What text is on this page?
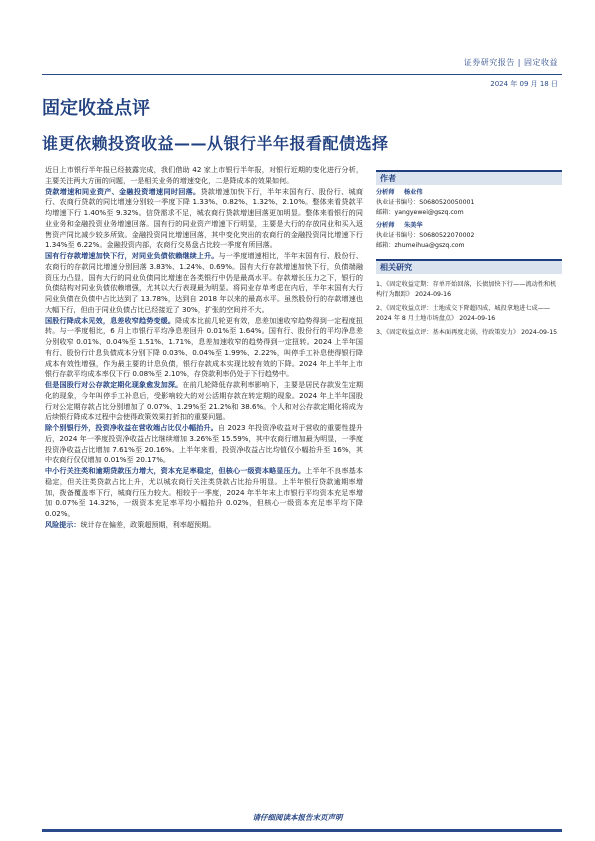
证券研究报告 | 固定收益
2024 年 09 月 18 日
固定收益点评
谁更依赖投资收益——从银行半年报看配债选择

近日上市银行半年报已经披露完成，我们借助 42 家上市银行半年报，对银行近期的变化进行分析，主要关注两大方面的问题，一是相关业务的增速变化，二是降成本的效果如何。

贷款增速和同业资产、金融投资增速同时回落。贷款增速加快下行，半年末国有行、股份行、城商行、农商行贷款的同比增速分别较一季度下降 1.33%、0.82%、1.32%、2.10%。整体来看贷款平均增速下行 1.40%至 9.32%。信贷需求不足，城农商行贷款增速回落更加明显。整体来看银行的同业业务和金融投资业务增速回落。国有行的同业资产增速下行明显，主要是大行的存放同业和买入返售资产同比减少较多所致。金融投资同比增速回落，其中变化突出的农商行的金融投资同比增速下行 1.34%至 6.22%。金融投资内部，农商行交易盘占比较一季度有所回落。

国有行存款增速加快下行，对同业负债依赖继续上升。与一季度增速相比，半年末国有行、股份行、农商行的存款同比增速分别回落 3.83%、1.24%、0.69%。国有大行存款增速加快下行，负债端融资压力凸显，国有大行的同业负债同比增速在各类银行中仍是最高水平。存款增长压力之下，银行的负债结构对同业负债依赖增强，尤其以大行表现最为明显。将同业存单考虑在内后，半年末国有大行同业负债在负债中占比达到了 13.78%，达到自 2018 年以来的最高水平。虽然股份行的存款增速也大幅下行，但由于同业负债占比已经接近了 30%，扩张的空间并不大。

国股行降成本见效，息差收窄趋势变缓。降成本比前几轮更有效，息差加速收窄趋势得到一定程度扭转。与一季度相比，6 月上市银行平均净息差回升 0.01%至 1.64%。国有行、股份行的平均净息差分别收窄 0.01%、0.04%至 1.51%、1.71%，息差加速收窄的趋势得到一定扭转。2024 上半年国有行、股份行计息负债成本分别下降 0.03%、0.04%至 1.99%、2.22%，叫停手工补息使得银行降成本有效性增强，作为最主要的计息负债，银行存款成本实现比较有效的下降。2024 年上半年上市银行存款平均成本率仅下行 0.08%至 2.10%，存贷款利率仍处于下行趋势中。

但是国股行对公存款定期化现象愈发加深。在前几轮降低存款利率影响下，主要是居民存款发生定期化的现象，今年叫停手工补息后，受影响较大的对公活期存款在转定期的现象。2024 年上半年国股行对公定期存款占比分别增加了 0.07%、1.29%至 21.2%和 38.6%。个人和对公存款定期化将成为后续银行降成本过程中会使得政策效果打折扣的重要问题。

除个别银行外，投资净收益在营收端占比仅小幅抬升。自 2023 年投资净收益对于营收的重要性提升后，2024 年一季度投资净收益占比继续增加 3.26%至 15.59%，其中农商行增加最为明显，一季度投资净收益占比增加 7.61%至 20.16%。上半年来看，投资净收益占比均值仅小幅抬升至 16%，其中农商行仅仅增加 0.01%至 20.17%。

中小行关注类和逾期贷款压力增大，资本充足率稳定，但核心一级资本略显压力。上半年不良率基本稳定，但关注类贷款占比上升，尤以城农商行关注类贷款占比抬升明显。上半年银行贷款逾期率增加，拨备覆盖率下行，城商行压力较大。相较于一季度，2024 年半年末上市银行平均资本充足率增加 0.07%至 14.32%，一级资本充足率平均小幅抬升 0.02%，但核心一级资本充足率平均下降 0.02%。

风险提示：统计存在偏差，政策超预期，利率超预期。

作者
分析师 杨业伟
执业证书编号：S0680520050001
邮箱：yangyewei@gszq.com
分析师 朱美华
执业证书编号：S0680522070002
邮箱：zhumeihua@gszq.com
相关研究
1、《固定收益定期：存单开始回落，长债加快下行——流动性和机构行为跟踪》 2024-09-16
2、《固定收益点评：土地成交下降超四成，城投拿地进七成——2024 年 8 月土地市场盘点》 2024-09-16
3、《固定收益点评：基本面再度走弱，待政策发力》 2024-09-15
请仔细阅读本报告末页声明
